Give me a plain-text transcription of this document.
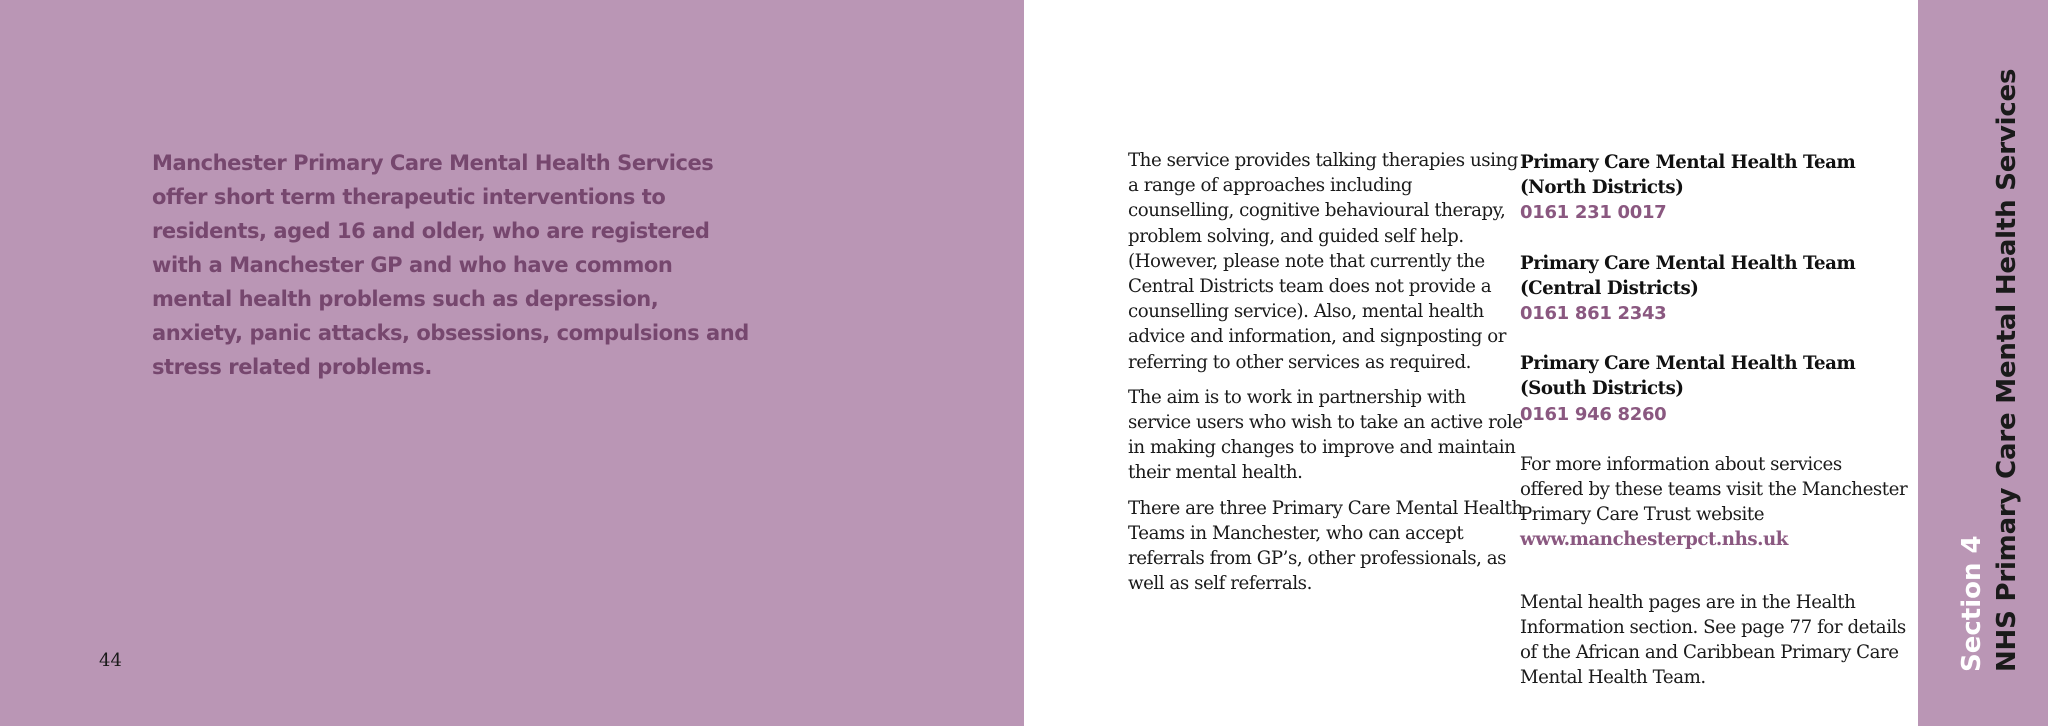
Manchester Primary Care Mental Health Services offer short term therapeutic interventions to residents, aged 16 and older, who are registered with a Manchester GP and who have common mental health problems such as depression, anxiety, panic attacks, obsessions, compulsions and stress related problems.

44

The service provides talking therapies using a range of approaches including counselling, cognitive behavioural therapy, problem solving, and guided self help. (However, please note that currently the Central Districts team does not provide a counselling service). Also, mental health advice and information, and signposting or referring to other services as required.

The aim is to work in partnership with service users who wish to take an active role in making changes to improve and maintain their mental health.

There are three Primary Care Mental Health Teams in Manchester, who can accept referrals from GP’s, other professionals, as well as self referrals.

Primary Care Mental Health Team (North Districts)
0161 231 0017
Primary Care Mental Health Team (Central Districts)
0161 861 2343
Primary Care Mental Health Team (South Districts)
0161 946 8260

For more information about services offered by these teams visit the Manchester Primary Care Trust website www.manchesterpct.nhs.uk

Mental health pages are in the Health Information section. See page 77 for details of the African and Caribbean Primary Care Mental Health Team.

Section 4 NHS Primary Care Mental Health Services
